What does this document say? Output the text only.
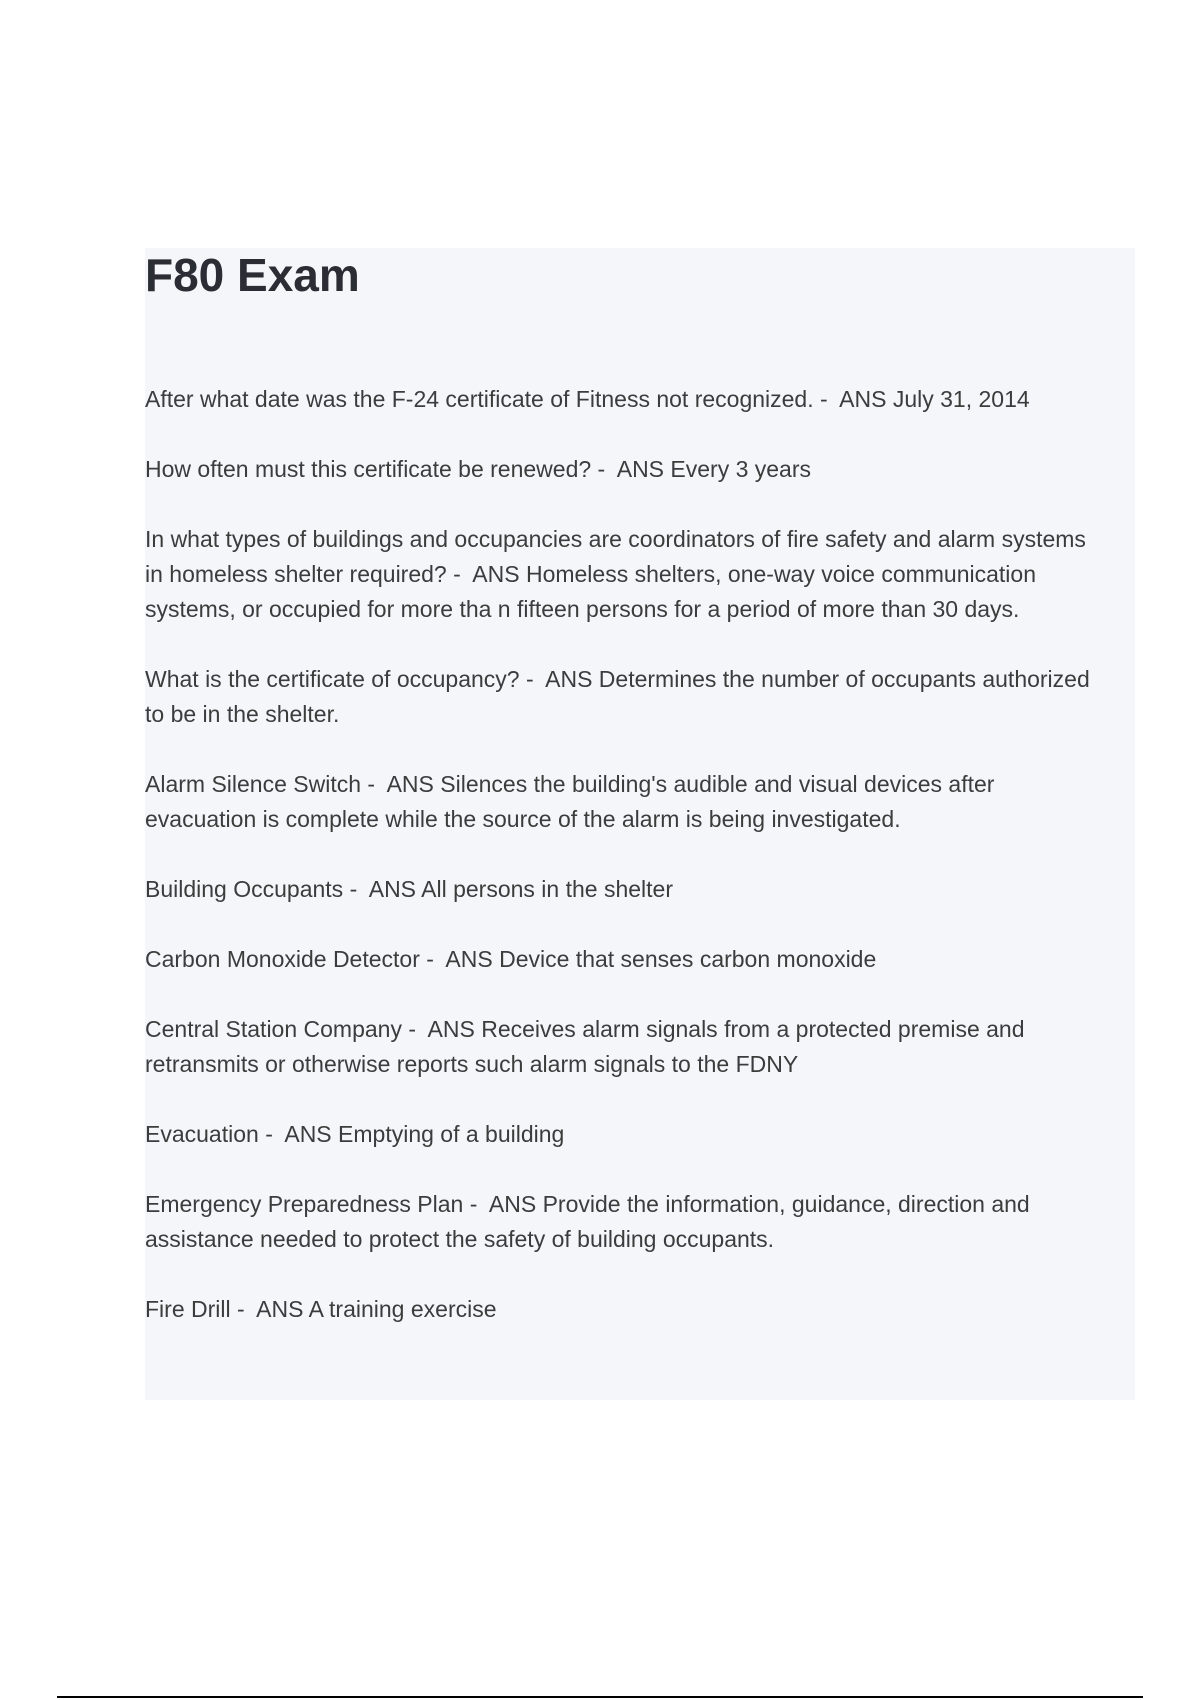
F80 Exam
After what date was the F-24 certificate of Fitness not recognized. -  ANS July 31, 2014
How often must this certificate be renewed? -  ANS Every 3 years
In what types of buildings and occupancies are coordinators of fire safety and alarm systems in homeless shelter required? -  ANS Homeless shelters, one-way voice communication systems, or occupied for more tha n fifteen persons for a period of more than 30 days.
What is the certificate of occupancy? -  ANS Determines the number of occupants authorized to be in the shelter.
Alarm Silence Switch -  ANS Silences the building's audible and visual devices after evacuation is complete while the source of the alarm is being investigated.
Building Occupants -  ANS All persons in the shelter
Carbon Monoxide Detector -  ANS Device that senses carbon monoxide
Central Station Company -  ANS Receives alarm signals from a protected premise and retransmits or otherwise reports such alarm signals to the FDNY
Evacuation -  ANS Emptying of a building
Emergency Preparedness Plan -  ANS Provide the information, guidance, direction and assistance needed to protect the safety of building occupants.
Fire Drill -  ANS A training exercise
